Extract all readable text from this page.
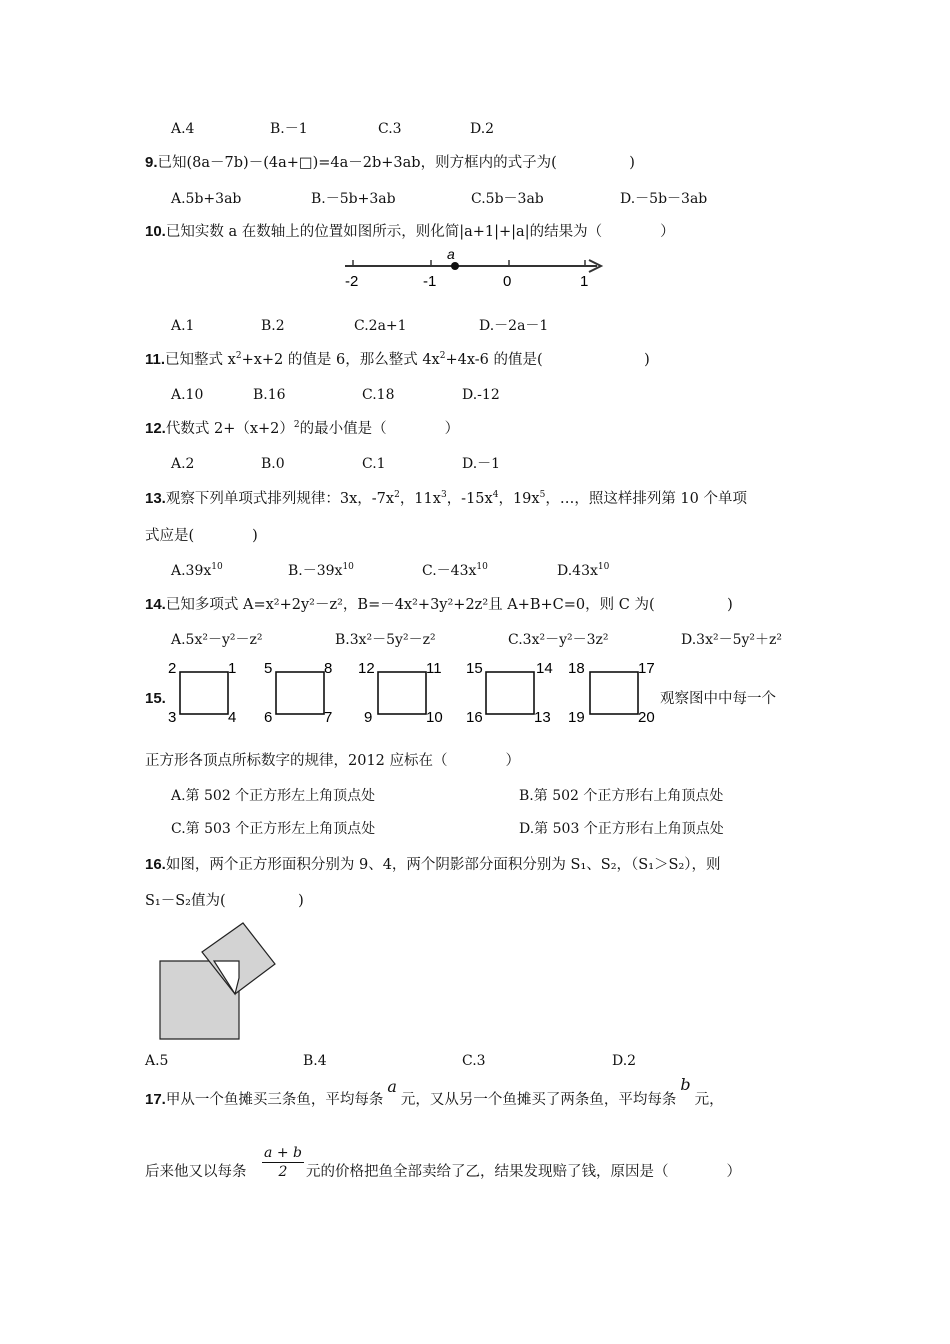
A.4	B.－1	C.3	D.2
9.已知(8a－7b)－(4a+□)=4a－2b+3ab，则方框内的式子为(　　　　　)
A.5b+3ab	B.－5b+3ab	C.5b－3ab	D.－5b－3ab
10.已知实数 a 在数轴上的位置如图所示，则化简|a+1|+|a|的结果为（　　　　）
a
-2	-1	0	1
A.1	B.2	C.2a+1	D.－2a－1
11.已知整式 $x^2+x+2$ 的值是 6，那么整式 $4x^2+4x-6$ 的值是(　　　　　　　)
A.10	B.16	C.18	D.-12
12.代数式 $2+(x+2)^2$的最小值是（　　　　）
A.2	B.0	C.1	D.－1
13.观察下列单项式排列规律：3x，$-7x^2$，$11x^3$，$-15x^4$，$19x^5$，…，照这样排列第 10 个单项
式应是(　　　　)
$A.39x^{10}$	$B.-39x^{10}$	$C.-43x^{10}$	$D.43x^{10}$
14.已知多项式 A=x²+2y²－z²，B=－4x²+3y²+2z²且 A+B+C=0，则 C 为(　　　　　)
A.5x²－y²－z²	B.3x²－5y²－z²	C.3x²－y²－3z²	D.3x²－5y²＋z²
15.
2	1
3	4
5	8
6	7
12	11
9	10
15	14
16	13
18	17
19	20
观察图中中每一个
正方形各顶点所标数字的规律，2012 应标在（　　　　）
A.第 502 个正方形左上角顶点处	B.第 502 个正方形右上角顶点处
C.第 503 个正方形左上角顶点处	D.第 503 个正方形右上角顶点处
16.如图，两个正方形面积分别为 9、4，两个阴影部分面积分别为 S₁、S₂，（S₁＞S₂），则
S₁－S₂值为(　　　　　)
A.5	B.4	C.3	D.2
17.甲从一个鱼摊买三条鱼，平均每条a元，又从另一个鱼摊买了两条鱼，平均每条b元，
后来他又以每条 $\frac{a + b}{2}$ 元的价格把鱼全部卖给了乙，结果发现赔了钱，原因是（　　　　）
